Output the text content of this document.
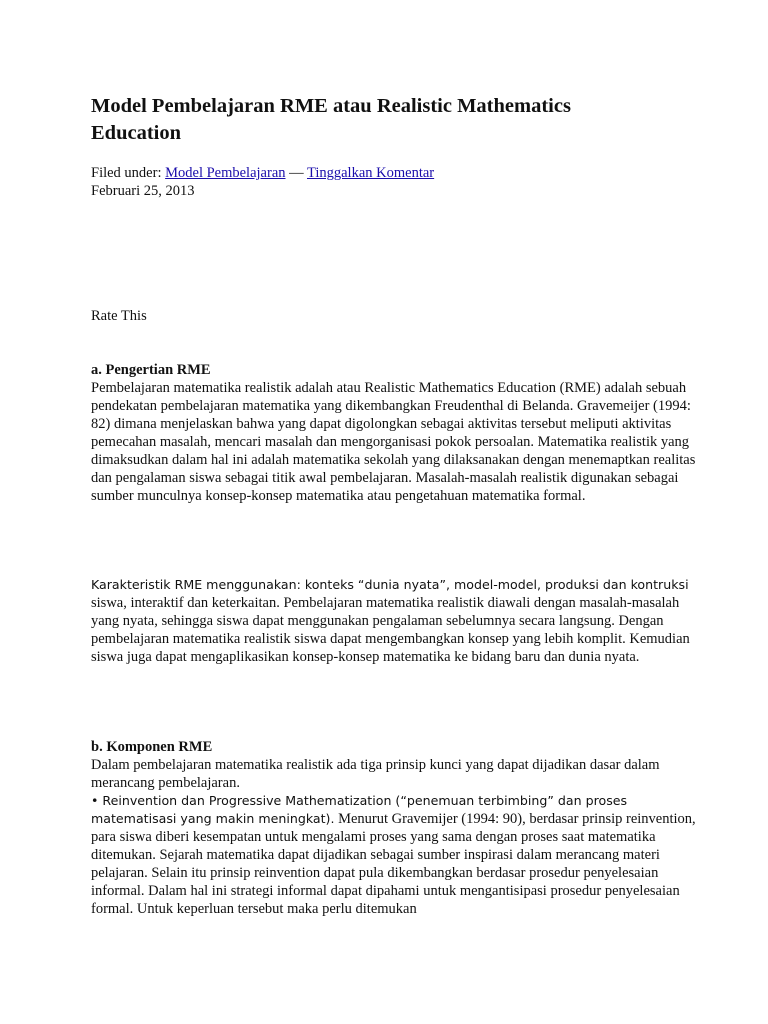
Model Pembelajaran RME atau Realistic Mathematics Education
Filed under: Model Pembelajaran — Tinggalkan Komentar
Februari 25, 2013
Rate This

a. Pengertian RME

Pembelajaran matematika realistik adalah atau Realistic Mathematics Education (RME) adalah sebuah pendekatan pembelajaran matematika yang dikembangkan Freudenthal di Belanda. Gravemeijer (1994: 82) dimana menjelaskan bahwa yang dapat digolongkan sebagai aktivitas tersebut meliputi aktivitas pemecahan masalah, mencari masalah dan mengorganisasi pokok persoalan. Matematika realistik yang dimaksudkan dalam hal ini adalah matematika sekolah yang dilaksanakan dengan menemaptkan realitas dan pengalaman siswa sebagai titik awal pembelajaran. Masalah-masalah realistik digunakan sebagai sumber munculnya konsep-konsep matematika atau pengetahuan matematika formal.

Karakteristik RME menggunakan: konteks “dunia nyata”, model-model, produksi dan kontruksi siswa, interaktif dan keterkaitan. Pembelajaran matematika realistik diawali dengan masalah-masalah yang nyata, sehingga siswa dapat menggunakan pengalaman sebelumnya secara langsung. Dengan pembelajaran matematika realistik siswa dapat mengembangkan konsep yang lebih komplit. Kemudian siswa juga dapat mengaplikasikan konsep-konsep matematika ke bidang baru dan dunia nyata.

b. Komponen RME

Dalam pembelajaran matematika realistik ada tiga prinsip kunci yang dapat dijadikan dasar dalam merancang pembelajaran.

• Reinvention dan Progressive Mathematization (“penemuan terbimbing” dan proses matematisasi yang makin meningkat). Menurut Gravemijer (1994: 90), berdasar prinsip reinvention, para siswa diberi kesempatan untuk mengalami proses yang sama dengan proses saat matematika ditemukan. Sejarah matematika dapat dijadikan sebagai sumber inspirasi dalam merancang materi pelajaran. Selain itu prinsip reinvention dapat pula dikembangkan berdasar prosedur penyelesaian informal. Dalam hal ini strategi informal dapat dipahami untuk mengantisipasi prosedur penyelesaian formal. Untuk keperluan tersebut maka perlu ditemukan
